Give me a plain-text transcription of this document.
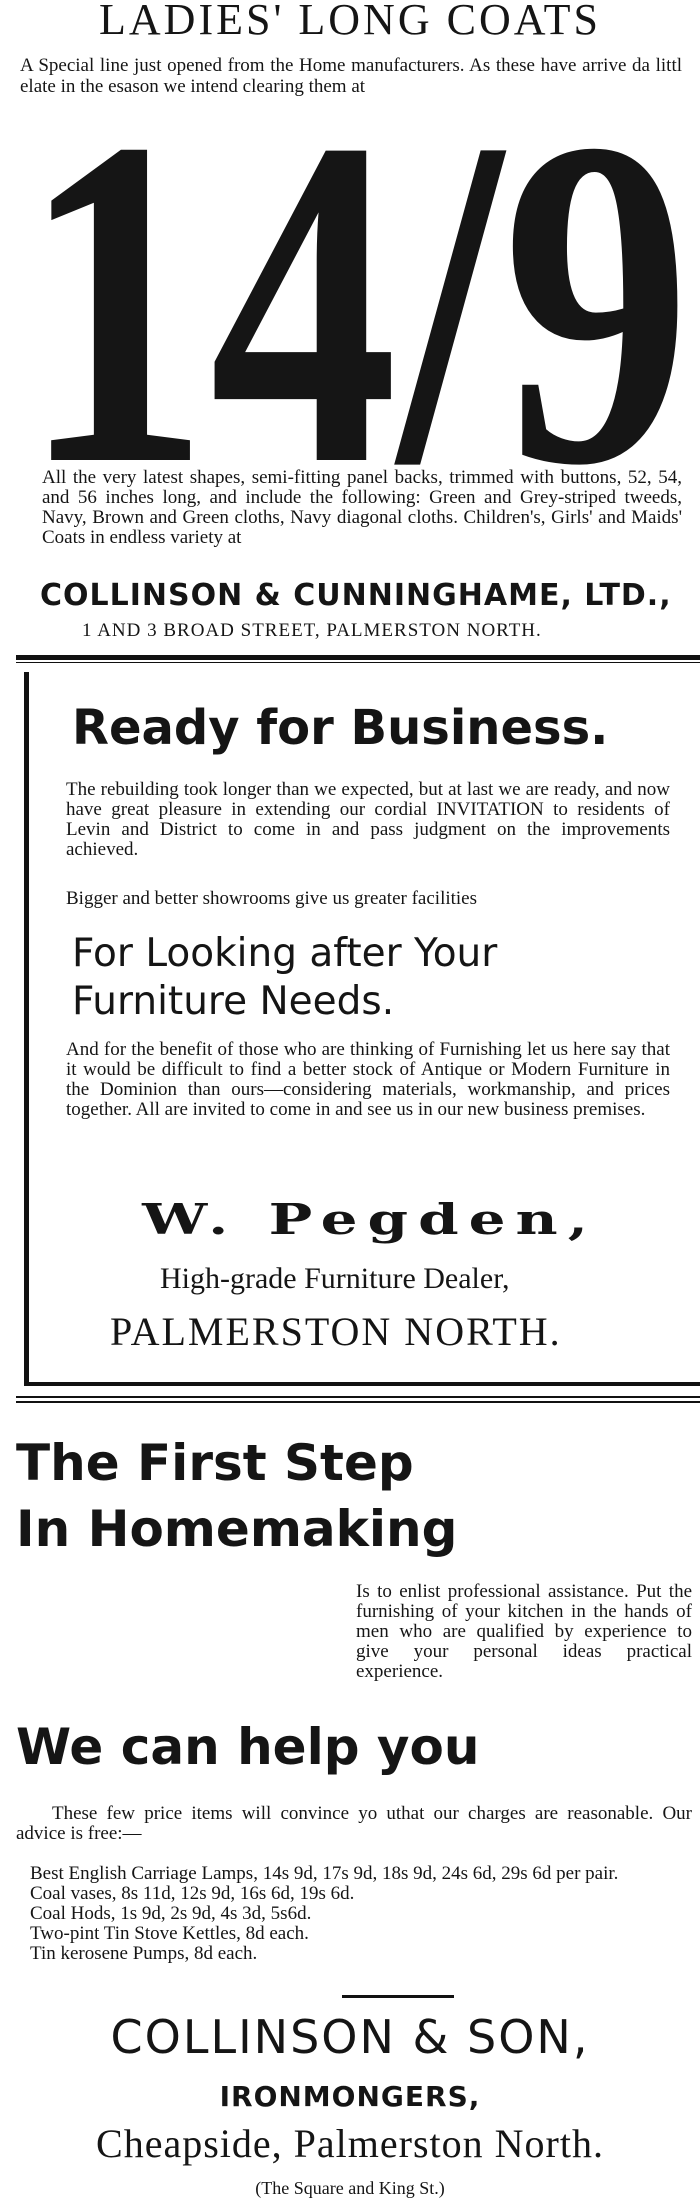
LADIES' LONG COATS
A Special line just opened from the Home manufacturers. As these have arrive da littl elate in the esason we intend clearing them at
14/9
All the very latest shapes, semi-fitting panel backs, trimmed with buttons, 52, 54, and 56 inches long, and include the following: Green and Grey-striped tweeds, Navy, Brown and Green cloths, Navy diagonal cloths. Children's, Girls' and Maids' Coats in endless variety at
COLLINSON & CUNNINGHAME, LTD.,
1 AND 3 BROAD STREET, PALMERSTON NORTH.
Ready for Business.
The rebuilding took longer than we expected, but at last we are ready, and now have great pleasure in extending our cordial INVITATION to residents of Levin and District to come in and pass judgment on the improvements achieved.
Bigger and better showrooms give us greater facilities
For Looking after Your
Furniture Needs.
And for the benefit of those who are thinking of Furnishing let us here say that it would be difficult to find a better stock of Antique or Modern Furniture in the Dominion than ours—considering materials, workmanship, and prices together. All are invited to come in and see us in our new business premises.
W. Pegden,
High-grade Furniture Dealer,
PALMERSTON NORTH.
The First Step
In Homemaking
Is to enlist professional assistance. Put the furnishing of your kitchen in the hands of men who are qualified by experience to give your personal ideas practical experience.
We can help you
These few price items will convince yo uthat our charges are reasonable. Our advice is free:—
Best English Carriage Lamps, 14s 9d, 17s 9d, 18s 9d, 24s 6d, 29s 6d per pair.
Coal vases, 8s 11d, 12s 9d, 16s 6d, 19s 6d.
Coal Hods, 1s 9d, 2s 9d, 4s 3d, 5s6d.
Two-pint Tin Stove Kettles, 8d each.
Tin kerosene Pumps, 8d each.
COLLINSON & SON,
IRONMONGERS,
Cheapside, Palmerston North.
(The Square and King St.)
